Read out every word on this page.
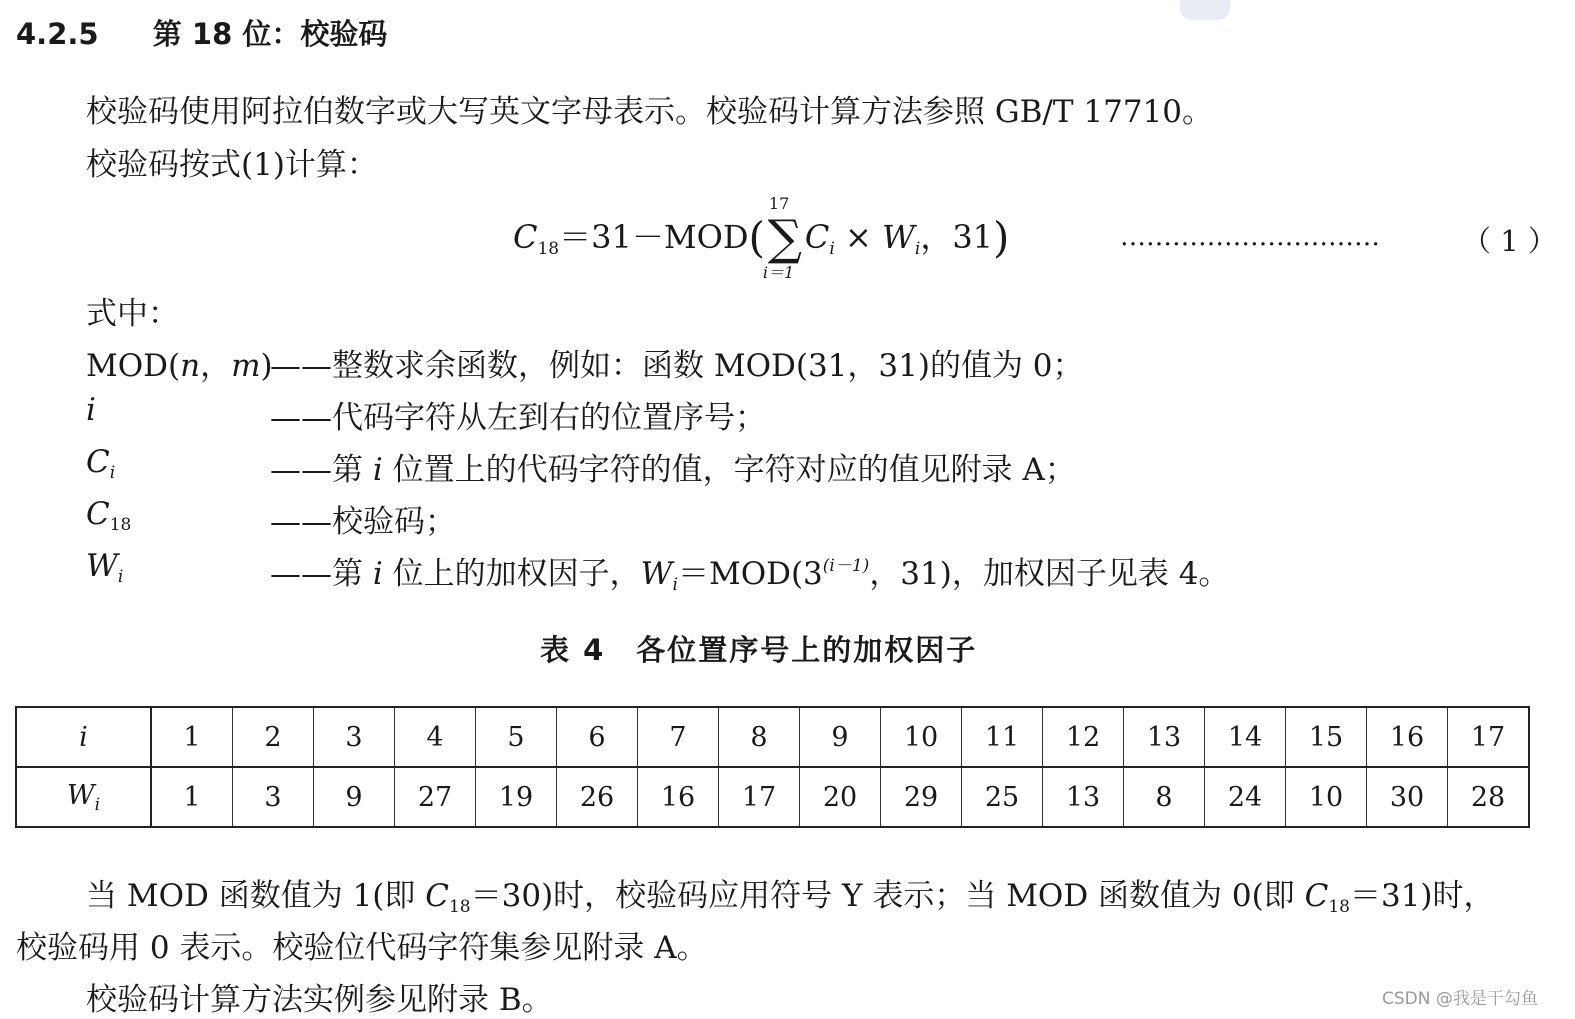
4.2.5 第 18 位：校验码
校验码使用阿拉伯数字或大写英文字母表示。校验码计算方法参照 GB/T 17710。
校验码按式(1)计算：
$C_{18}=31-MOD$(
17
∑
i＝1
$C_i \times W_i$，31)	…………………………	（ 1 ）
式中：
MOD(n，m)
——整数求余函数，例如：函数 MOD(31，31)的值为 0；
i	——代码字符从左到右的位置序号；
$C_i$	——第 i 位置上的代码字符的值，字符对应的值见附录 A；
$C_{18}$	——校验码；
$W_i$	——第 i 位上的加权因子，$W_i=MOD(3^{(i-1)}$，31)，加权因子见表 4。
表 4　各位置序号上的加权因子
i	1	2	3	4	5	6	7	8	9	10	11	12	13	14	15	16	17
$W_i$	1	3	9	27	19	26	16	17	20	29	25	13	8	24	10	30	28
当 MOD 函数值为 1(即 $C_{18}=30$)时，校验码应用符号 Y 表示；当 MOD 函数值为 0(即 $C_{18}=31$)时，
校验码用 0 表示。校验位代码字符集参见附录 A。
校验码计算方法实例参见附录 B。	CSDN @我是干勾鱼
